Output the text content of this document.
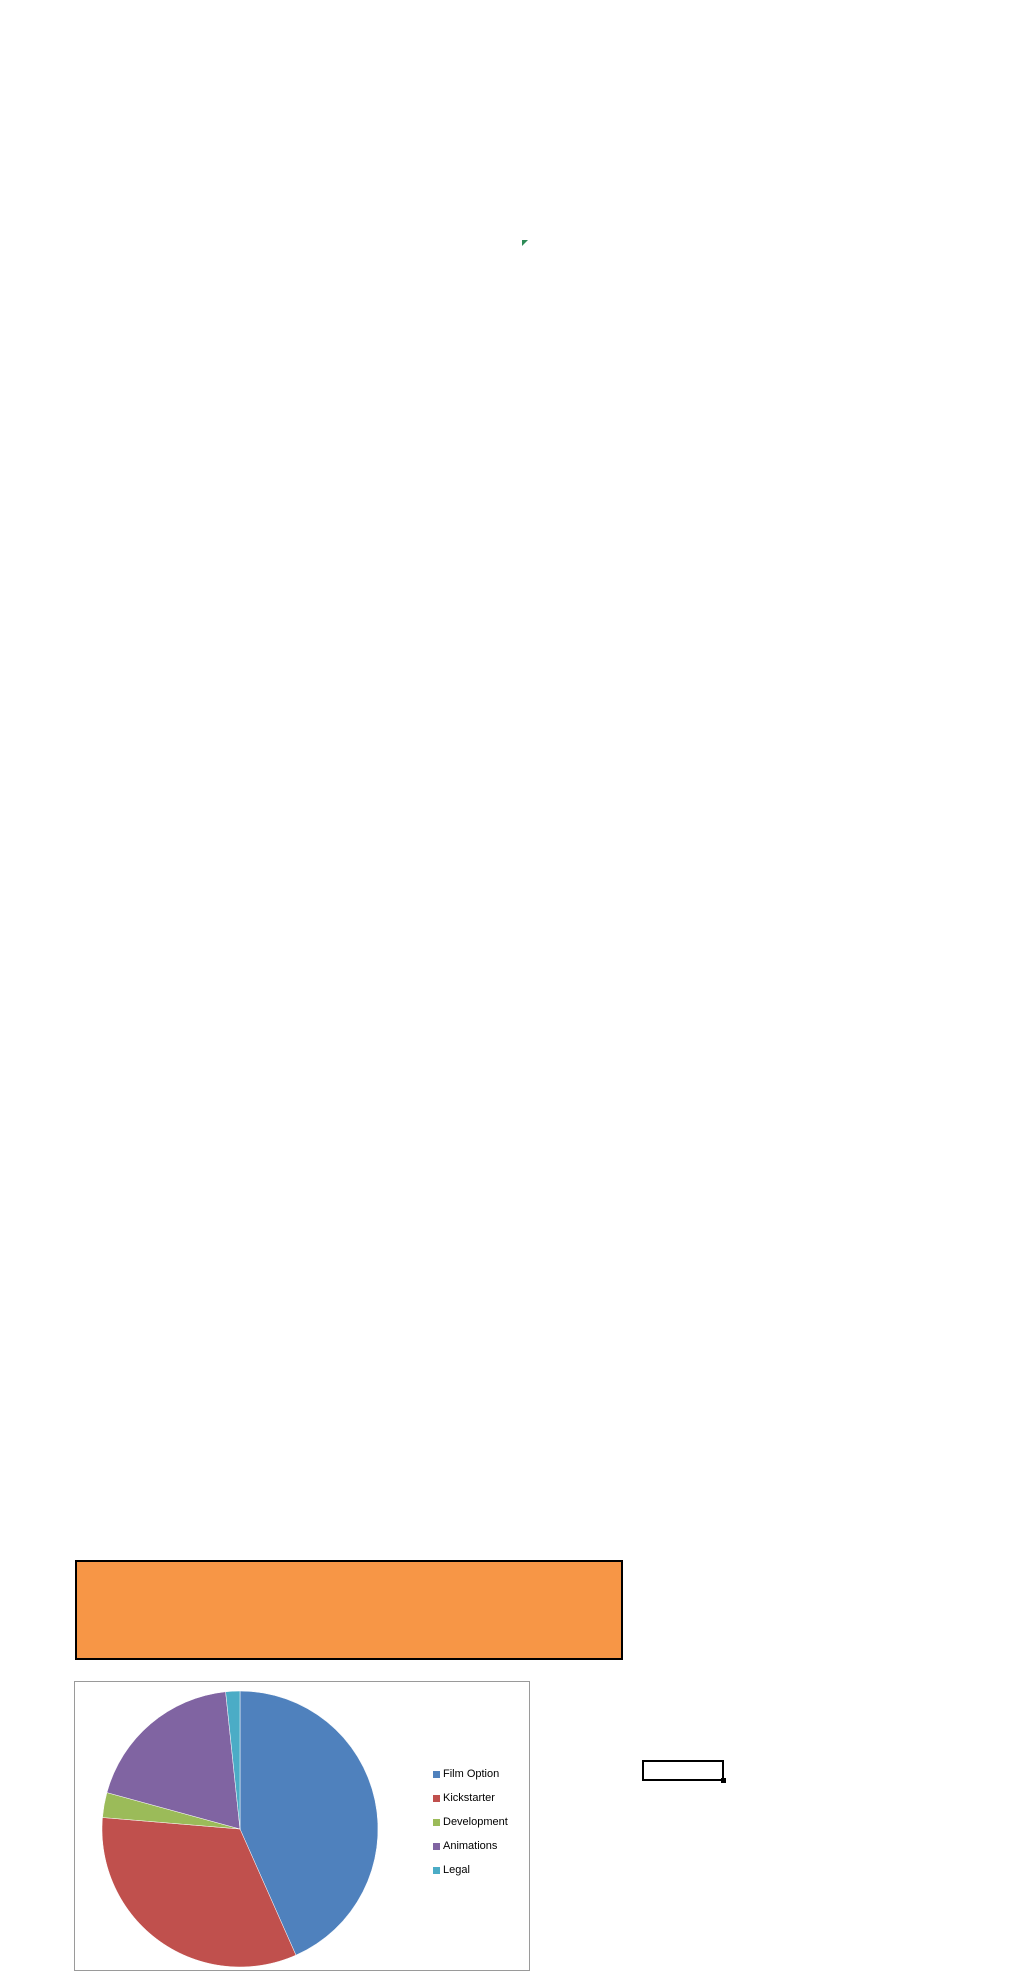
Film Option
Kickstarter
Development
Animations
Legal
